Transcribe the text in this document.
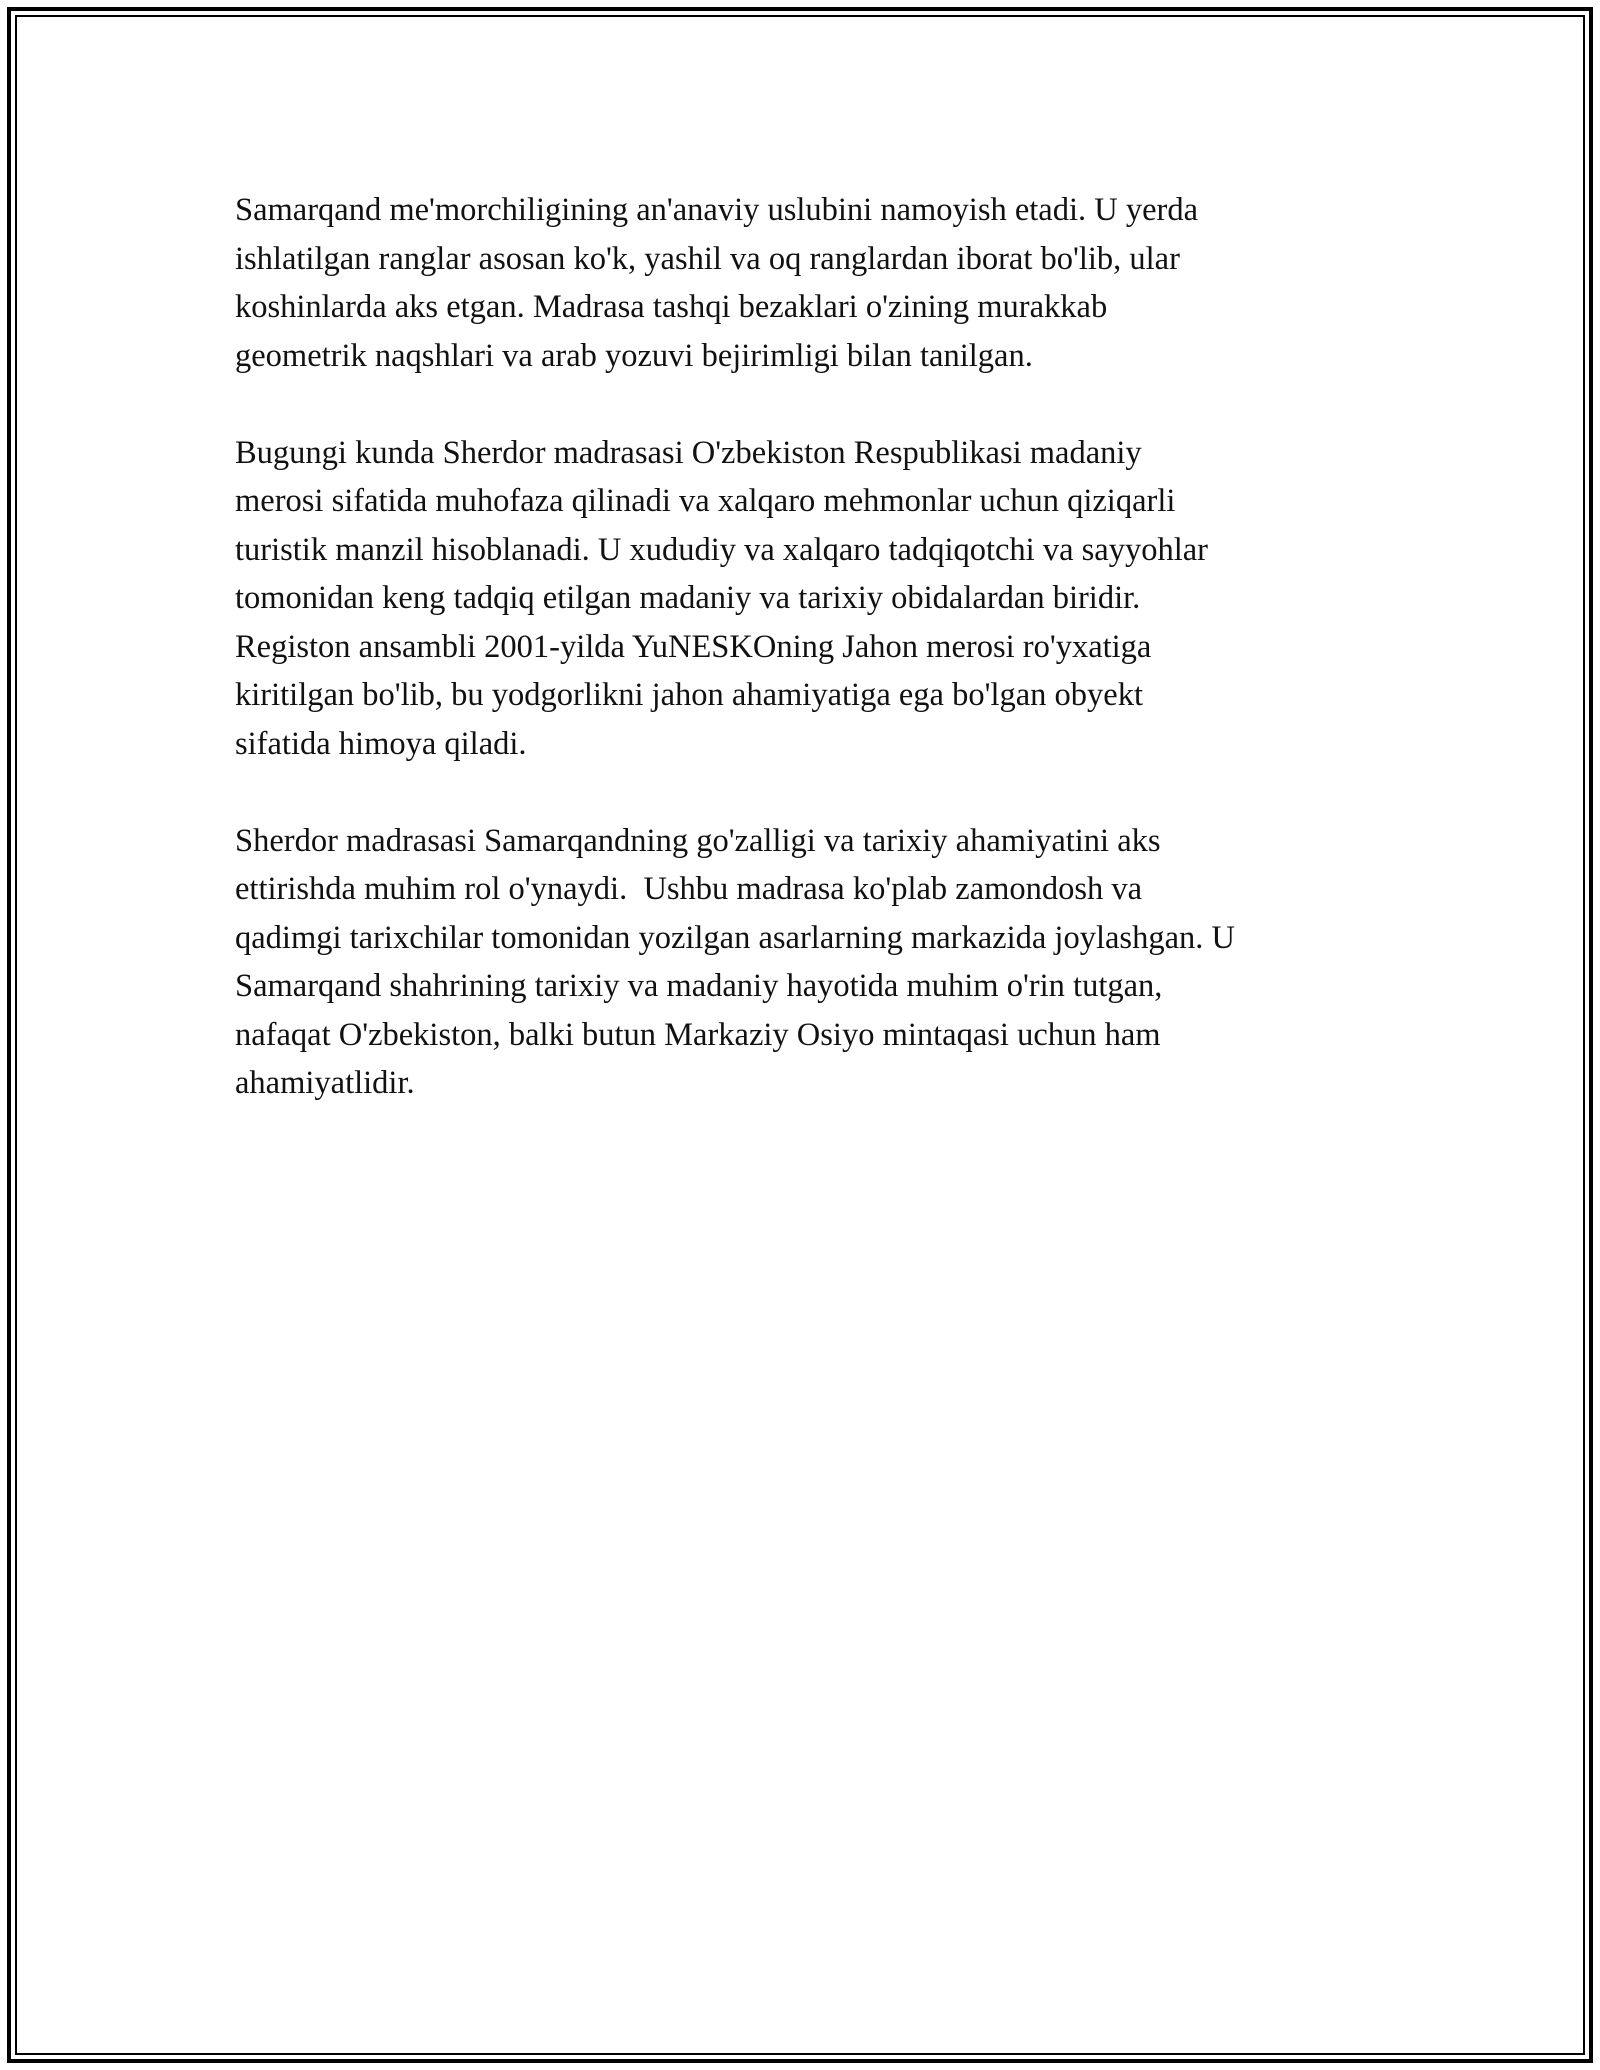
Samarqand me'morchiligining an'anaviy uslubini namoyish etadi. U yerda
ishlatilgan ranglar asosan ko'k, yashil va oq ranglardan iborat bo'lib, ular
koshinlarda aks etgan. Madrasa tashqi bezaklari o'zining murakkab
geometrik naqshlari va arab yozuvi bejirimligi bilan tanilgan.
Bugungi kunda Sherdor madrasasi O'zbekiston Respublikasi madaniy
merosi sifatida muhofaza qilinadi va xalqaro mehmonlar uchun qiziqarli
turistik manzil hisoblanadi. U xududiy va xalqaro tadqiqotchi va sayyohlar
tomonidan keng tadqiq etilgan madaniy va tarixiy obidalardan biridir.
Registon ansambli 2001-yilda YuNESKOning Jahon merosi ro'yxatiga
kiritilgan bo'lib, bu yodgorlikni jahon ahamiyatiga ega bo'lgan obyekt
sifatida himoya qiladi.
Sherdor madrasasi Samarqandning go'zalligi va tarixiy ahamiyatini aks
ettirishda muhim rol o'ynaydi.  Ushbu madrasa ko'plab zamondosh va
qadimgi tarixchilar tomonidan yozilgan asarlarning markazida joylashgan. U
Samarqand shahrining tarixiy va madaniy hayotida muhim o'rin tutgan,
nafaqat O'zbekiston, balki butun Markaziy Osiyo mintaqasi uchun ham
ahamiyatlidir.
